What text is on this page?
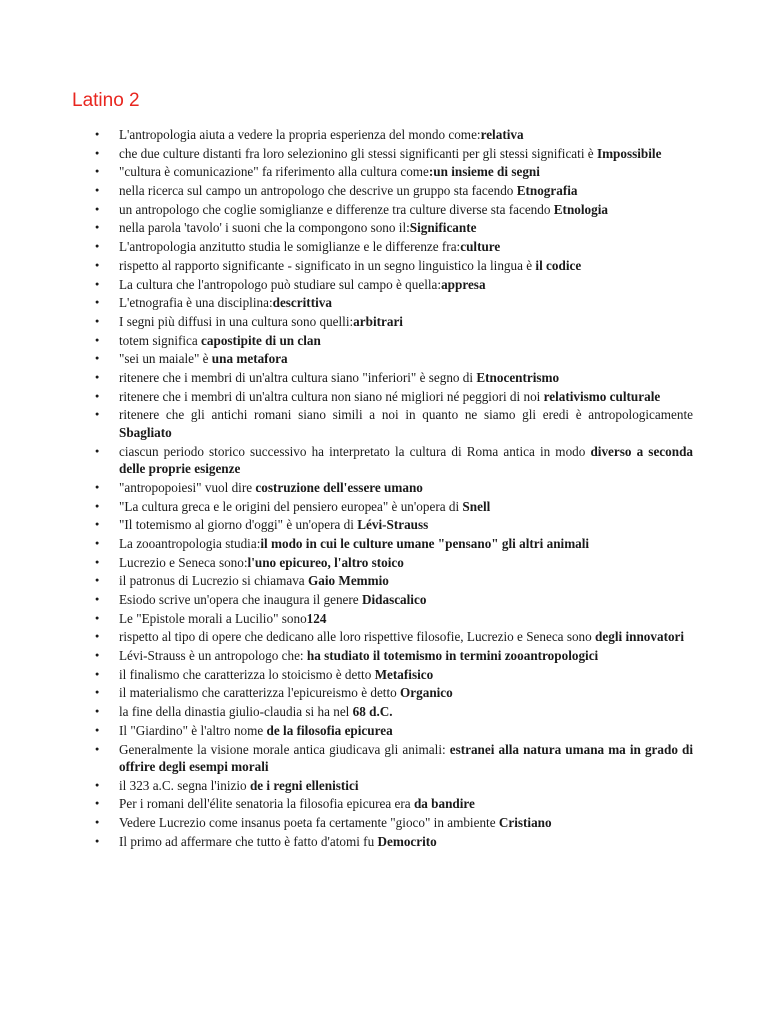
Latino 2
● L'antropologia aiuta a vedere la propria esperienza del mondo come:relativa
● che due culture distanti fra loro selezionino gli stessi significanti per gli stessi significati è Impossibile
● "cultura è comunicazione" fa riferimento alla cultura come:un insieme di segni
● nella ricerca sul campo un antropologo che descrive un gruppo sta facendo Etnografia
● un antropologo che coglie somiglianze e differenze tra culture diverse sta facendo Etnologia
● nella parola 'tavolo' i suoni che la compongono sono il:Significante
● L'antropologia anzitutto studia le somiglianze e le differenze fra:culture
● rispetto al rapporto significante - significato in un segno linguistico la lingua è il codice
● La cultura che l'antropologo può studiare sul campo è quella:appresa
● L'etnografia è una disciplina:descrittiva
● I segni più diffusi in una cultura sono quelli:arbitrari
● totem significa capostipite di un clan
● "sei un maiale" è una metafora
● ritenere che i membri di un'altra cultura siano "inferiori" è segno di Etnocentrismo
● ritenere che i membri di un'altra cultura non siano né migliori né peggiori di noi relativismo culturale
● ritenere che gli antichi romani siano simili a noi in quanto ne siamo gli eredi è antropologicamente Sbagliato
● ciascun periodo storico successivo ha interpretato la cultura di Roma antica in modo diverso a seconda delle proprie esigenze
● "antropopoiesi" vuol dire costruzione dell'essere umano
● "La cultura greca e le origini del pensiero europea" è un'opera di Snell
● "Il totemismo al giorno d'oggi" è un'opera di Lévi-Strauss
● La zooantropologia studia:il modo in cui le culture umane "pensano" gli altri animali
● Lucrezio e Seneca sono:l'uno epicureo, l'altro stoico
● il patronus di Lucrezio si chiamava Gaio Memmio
● Esiodo scrive un'opera che inaugura il genere Didascalico
● Le "Epistole morali a Lucilio" sono124
● rispetto al tipo di opere che dedicano alle loro rispettive filosofie, Lucrezio e Seneca sono degli innovatori
● Lévi-Strauss è un antropologo che: ha studiato il totemismo in termini zooantropologici
● il finalismo che caratterizza lo stoicismo è detto Metafisico
● il materialismo che caratterizza l'epicureismo è detto Organico
● la fine della dinastia giulio-claudia si ha nel 68 d.C.
● Il "Giardino" è l'altro nome de la filosofia epicurea
● Generalmente la visione morale antica giudicava gli animali: estranei alla natura umana ma in grado di offrire degli esempi morali
● il 323 a.C. segna l'inizio de i regni ellenistici
● Per i romani dell'élite senatoria la filosofia epicurea era da bandire
● Vedere Lucrezio come insanus poeta fa certamente "gioco" in ambiente Cristiano
● Il primo ad affermare che tutto è fatto d'atomi fu Democrito
